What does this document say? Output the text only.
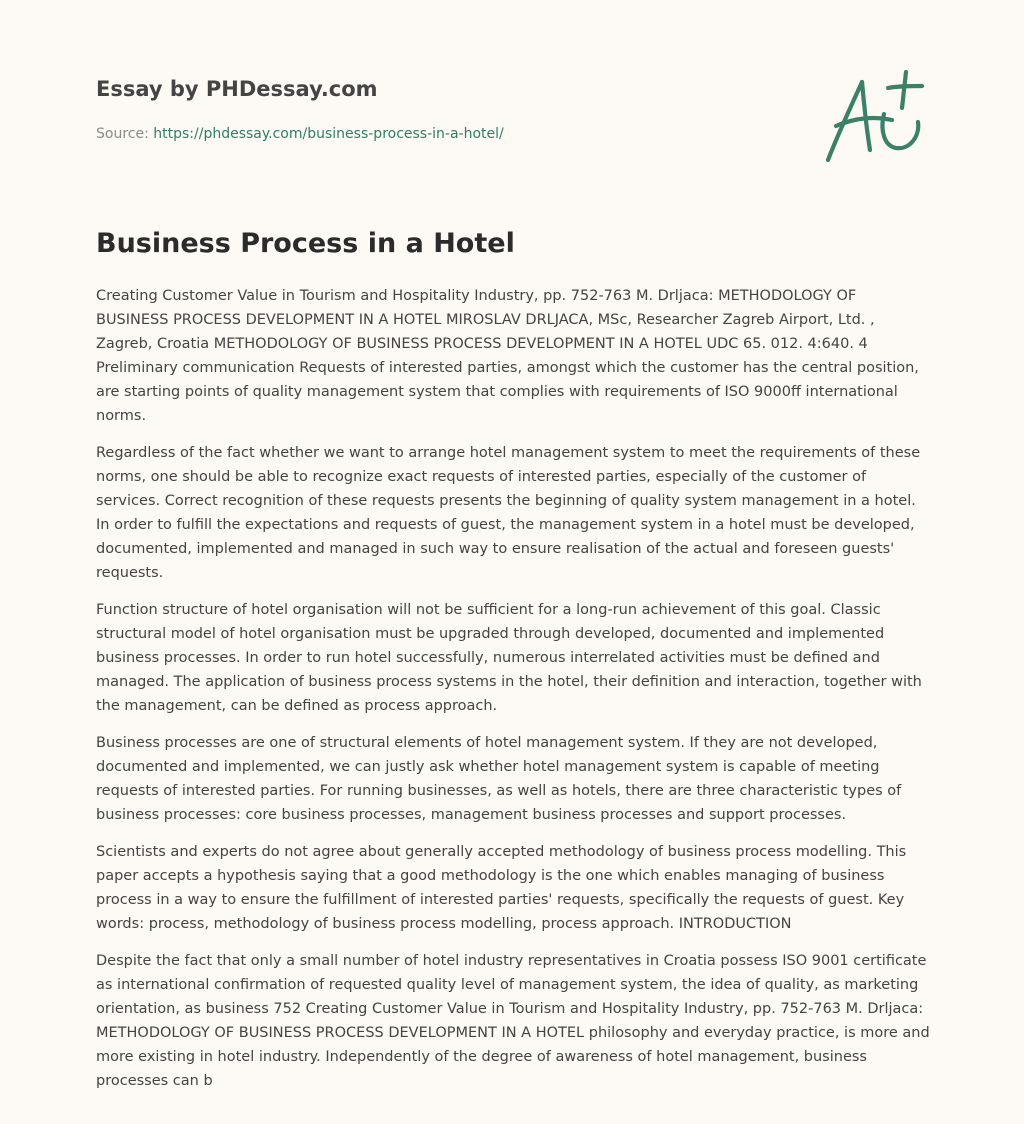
Essay by PHDessay.com
Source: https://phdessay.com/business-process-in-a-hotel/
Business Process in a Hotel

Creating Customer Value in Tourism and Hospitality Industry, pp. 752-763 M. Drljaca: METHODOLOGY OF BUSINESS PROCESS DEVELOPMENT IN A HOTEL MIROSLAV DRLJACA, MSc, Researcher Zagreb Airport, Ltd. , Zagreb, Croatia METHODOLOGY OF BUSINESS PROCESS DEVELOPMENT IN A HOTEL UDC 65. 012. 4:640. 4 Preliminary communication Requests of interested parties, amongst which the customer has the central position, are starting points of quality management system that complies with requirements of ISO 9000ff international norms.

Regardless of the fact whether we want to arrange hotel management system to meet the requirements of these norms, one should be able to recognize exact requests of interested parties, especially of the customer of services. Correct recognition of these requests presents the beginning of quality system management in a hotel. In order to fulfill the expectations and requests of guest, the management system in a hotel must be developed, documented, implemented and managed in such way to ensure realisation of the actual and foreseen guests' requests.

Function structure of hotel organisation will not be sufficient for a long-run achievement of this goal. Classic structural model of hotel organisation must be upgraded through developed, documented and implemented business processes. In order to run hotel successfully, numerous interrelated activities must be defined and managed. The application of business process systems in the hotel, their definition and interaction, together with the management, can be defined as process approach.

Business processes are one of structural elements of hotel management system. If they are not developed, documented and implemented, we can justly ask whether hotel management system is capable of meeting requests of interested parties. For running businesses, as well as hotels, there are three characteristic types of business processes: core business processes, management business processes and support processes.

Scientists and experts do not agree about generally accepted methodology of business process modelling. This paper accepts a hypothesis saying that a good methodology is the one which enables managing of business process in a way to ensure the fulfillment of interested parties' requests, specifically the requests of guest. Key words: process, methodology of business process modelling, process approach. INTRODUCTION

Despite the fact that only a small number of hotel industry representatives in Croatia possess ISO 9001 certificate as international confirmation of requested quality level of management system, the idea of quality, as marketing orientation, as business 752 Creating Customer Value in Tourism and Hospitality Industry, pp. 752-763 M. Drljaca: METHODOLOGY OF BUSINESS PROCESS DEVELOPMENT IN A HOTEL philosophy and everyday practice, is more and more existing in hotel industry. Independently of the degree of awareness of hotel management, business processes can b
